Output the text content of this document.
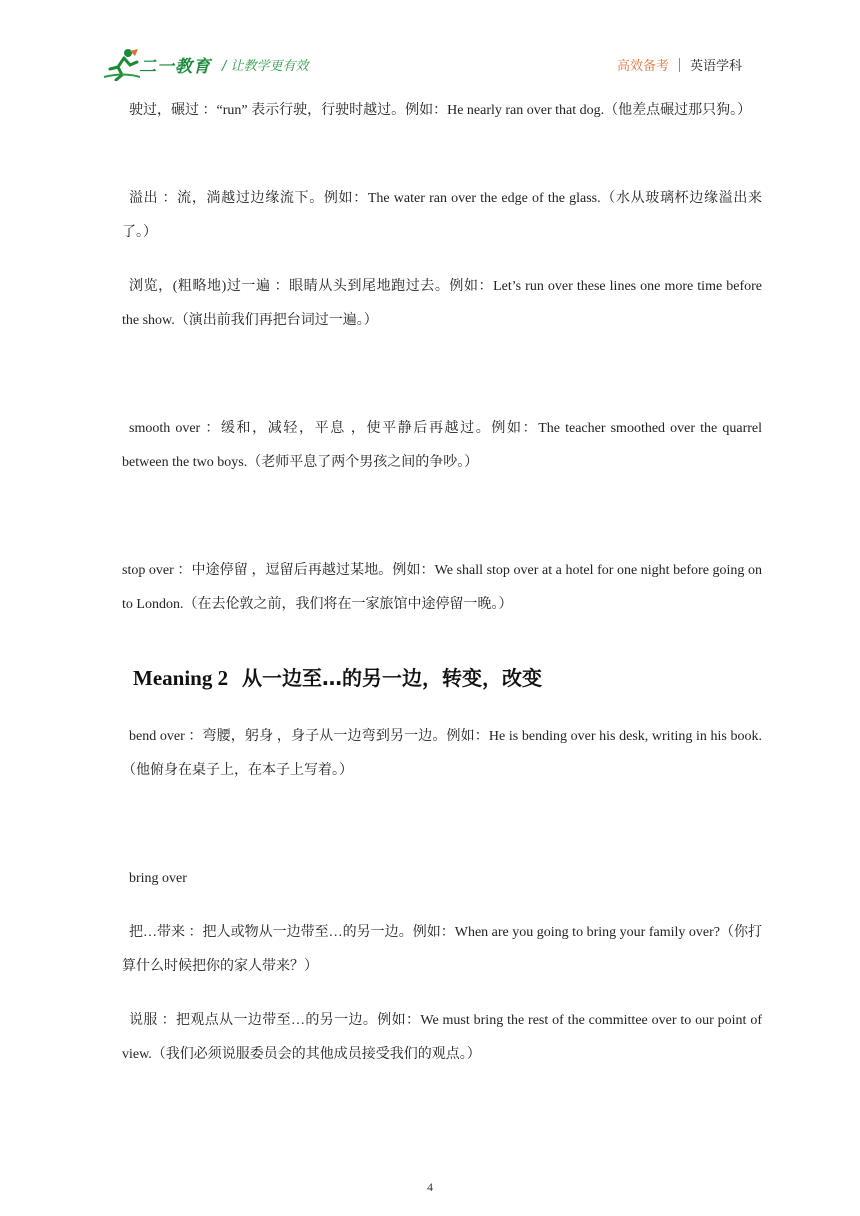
二一教育 / 让教学更有效	高效备考 英语学科

驶过，碾过 ：“run” 表示行驶，行驶时越过。例如：He nearly ran over that dog.（他差点碾过那只狗。）

溢出 ：流，淌越过边缘流下。例如：The water ran over the edge of the glass.（水从玻璃杯边缘溢出来了。）

浏览，(粗略地)过一遍 ：眼睛从头到尾地跑过去。例如：Let’s run over these lines one more time before the show.（演出前我们再把台词过一遍。）

smooth over ：缓和，减轻，平息 ，使平静后再越过。例如：The teacher smoothed over the quarrel between the two boys.（老师平息了两个男孩之间的争吵。）

stop over ：中途停留 ，逗留后再越过某地。例如：We shall stop over at a hotel for one night before going on to London.（在去伦敦之前，我们将在一家旅馆中途停留一晚。）

Meaning 2 从一边至…的另一边，转变，改变

bend over ：弯腰，躬身 ，身子从一边弯到另一边。例如：He is bending over his desk, writing in his book.（他俯身在桌子上，在本子上写着。）

bring over

把…带来 ：把人或物从一边带至…的另一边。例如：When are you going to bring your family over?（你打算什么时候把你的家人带来？）

说服 ：把观点从一边带至…的另一边。例如：We must bring the rest of the committee over to our point of view.（我们必须说服委员会的其他成员接受我们的观点。）

4
